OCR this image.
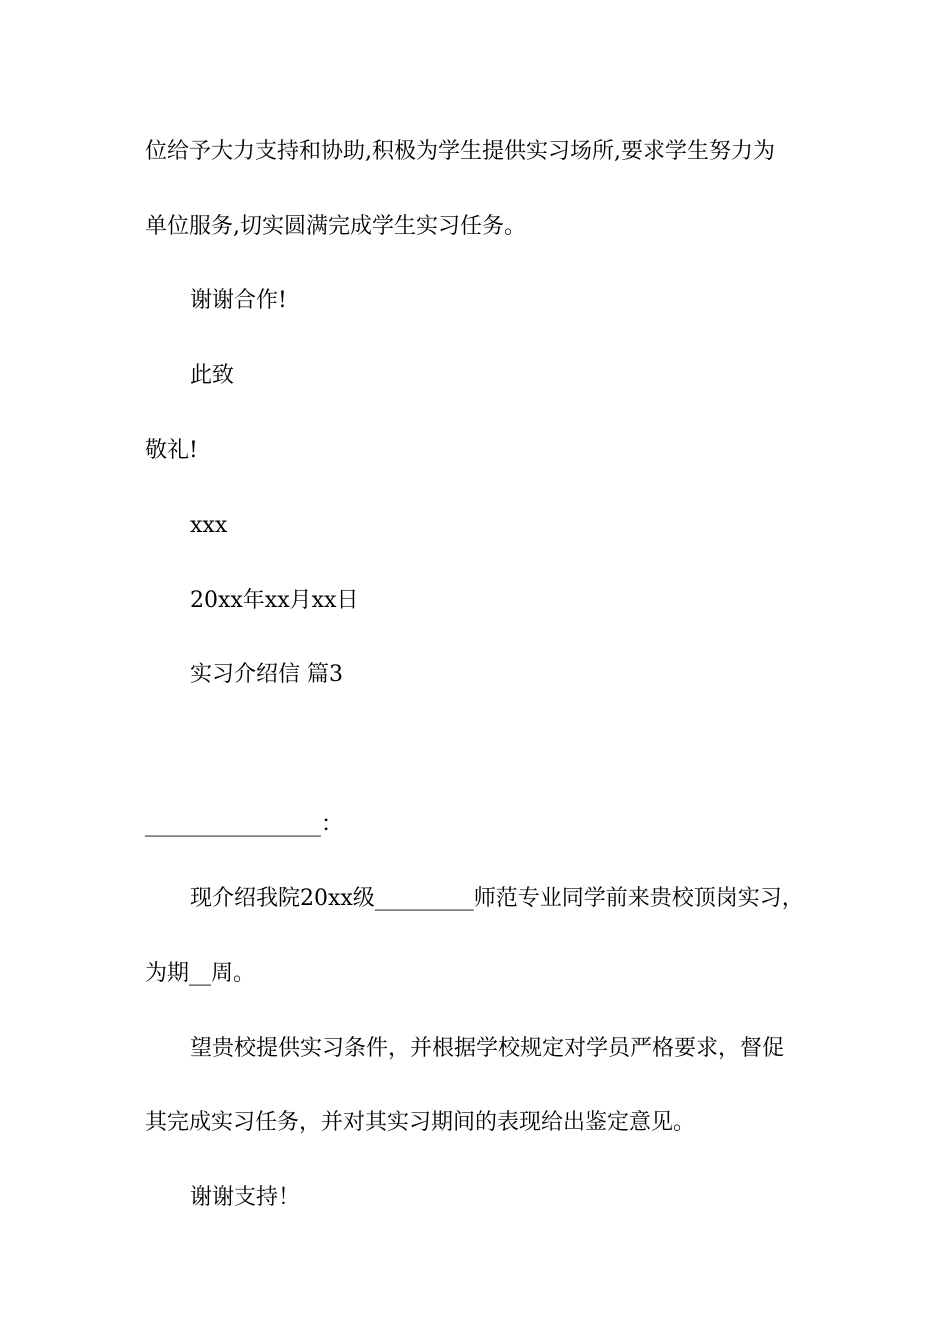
位给予大力支持和协助,积极为学生提供实习场所,要求学生努力为
单位服务,切实圆满完成学生实习任务。
谢谢合作!
此致
敬礼!
xxx
20xx年xx月xx日
实习介绍信 篇3
________________：
现介绍我院20xx级_________师范专业同学前来贵校顶岗实习，
为期__周。
望贵校提供实习条件，并根据学校规定对学员严格要求，督促
其完成实习任务，并对其实习期间的表现给出鉴定意见。
谢谢支持！
